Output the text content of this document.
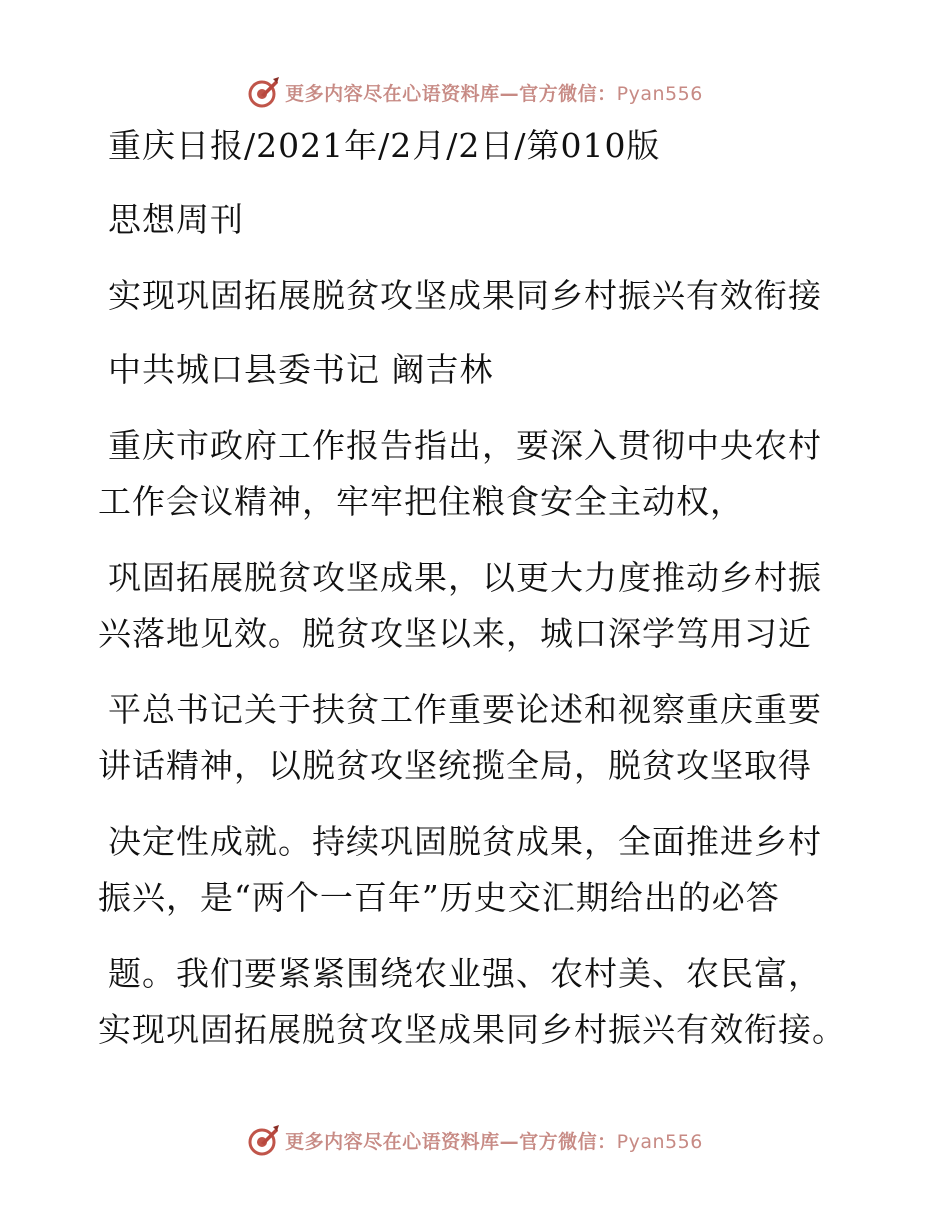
更多内容尽在心语资料库—官方微信：Pyan556
重庆日报/2021年/2月/2日/第010版
思想周刊
实现巩固拓展脱贫攻坚成果同乡村振兴有效衔接
中共城口县委书记 阚吉林
重庆市政府工作报告指出，要深入贯彻中央农村
工作会议精神，牢牢把住粮食安全主动权，
巩固拓展脱贫攻坚成果，以更大力度推动乡村振
兴落地见效。脱贫攻坚以来，城口深学笃用习近
平总书记关于扶贫工作重要论述和视察重庆重要
讲话精神，以脱贫攻坚统揽全局，脱贫攻坚取得
决定性成就。持续巩固脱贫成果，全面推进乡村
振兴，是“两个一百年”历史交汇期给出的必答
题。我们要紧紧围绕农业强、农村美、农民富，
实现巩固拓展脱贫攻坚成果同乡村振兴有效衔接。
更多内容尽在心语资料库—官方微信：Pyan556
